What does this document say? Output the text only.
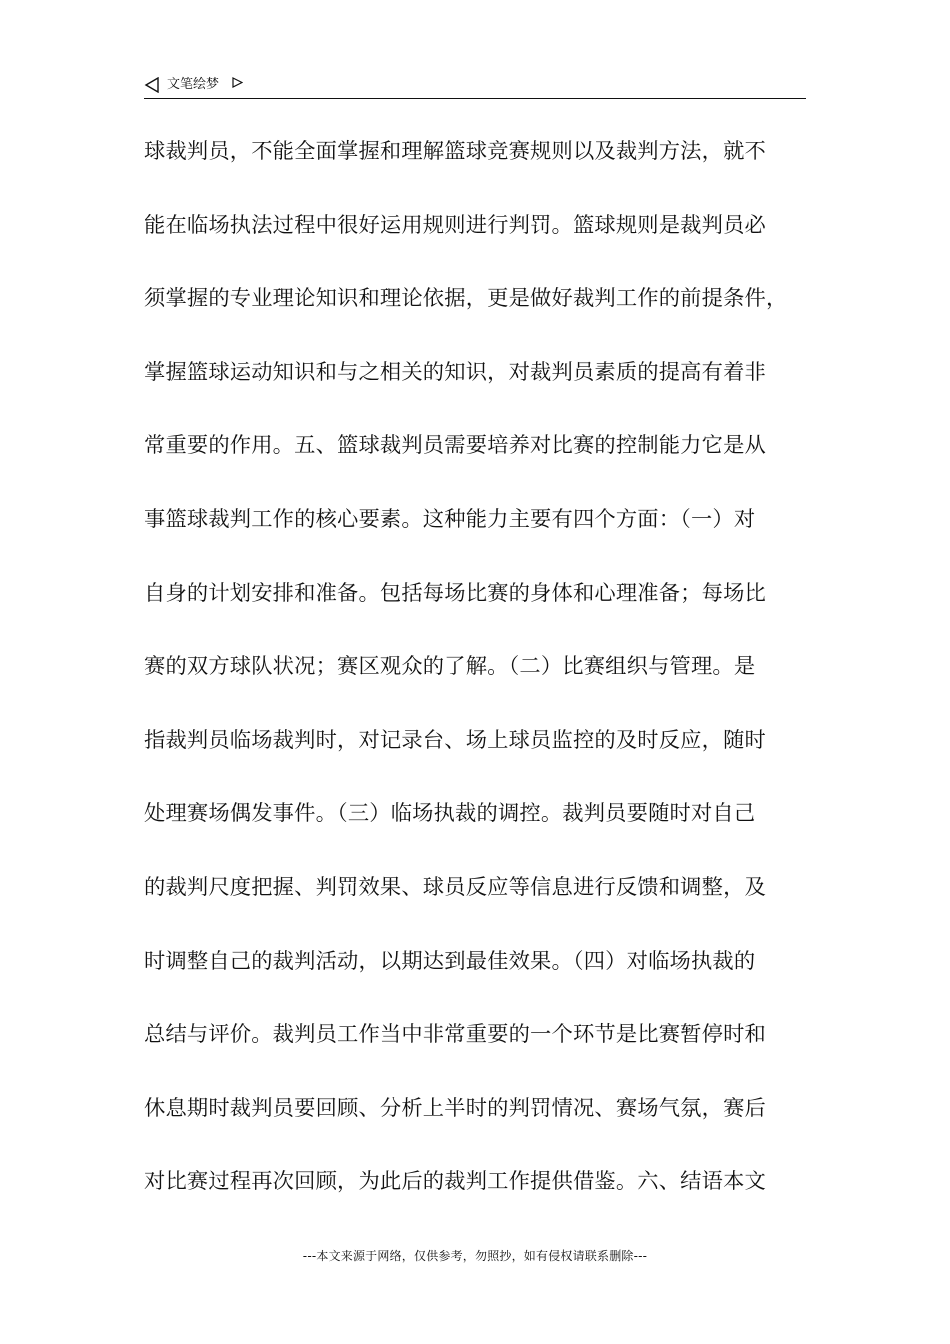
文笔绘梦
球裁判员，不能全面掌握和理解篮球竞赛规则以及裁判方法，就不
能在临场执法过程中很好运用规则进行判罚。篮球规则是裁判员必
须掌握的专业理论知识和理论依据，更是做好裁判工作的前提条件，
掌握篮球运动知识和与之相关的知识，对裁判员素质的提高有着非
常重要的作用。五、篮球裁判员需要培养对比赛的控制能力它是从
事篮球裁判工作的核心要素。这种能力主要有四个方面：（一）对
自身的计划安排和准备。包括每场比赛的身体和心理准备；每场比
赛的双方球队状况；赛区观众的了解。（二）比赛组织与管理。是
指裁判员临场裁判时，对记录台、场上球员监控的及时反应，随时
处理赛场偶发事件。（三）临场执裁的调控。裁判员要随时对自己
的裁判尺度把握、判罚效果、球员反应等信息进行反馈和调整，及
时调整自己的裁判活动，以期达到最佳效果。（四）对临场执裁的
总结与评价。裁判员工作当中非常重要的一个环节是比赛暂停时和
休息期时裁判员要回顾、分析上半时的判罚情况、赛场气氛，赛后
对比赛过程再次回顾，为此后的裁判工作提供借鉴。六、结语本文
---本文来源于网络，仅供参考，勿照抄，如有侵权请联系删除---
